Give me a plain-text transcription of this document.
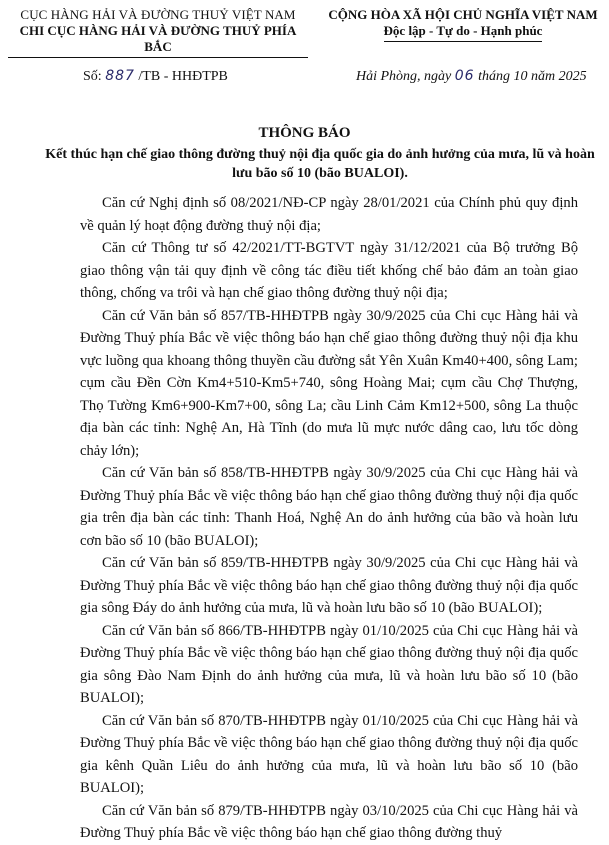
CỤC HÀNG HẢI VÀ ĐƯỜNG THUỶ VIỆT NAM
CHI CỤC HÀNG HẢI VÀ ĐƯỜNG THUỶ PHÍA BẮC
CỘNG HÒA XÃ HỘI CHỦ NGHĨA VIỆT NAM
Độc lập - Tự do - Hạnh phúc
Số: 887 /TB - HHĐTPB	Hải Phòng, ngày 06 tháng 10 năm 2025
THÔNG BÁO
Kết thúc hạn chế giao thông đường thuỷ nội địa quốc gia do ảnh hưởng của mưa, lũ và hoàn lưu bão số 10 (bão BUALOI).

Căn cứ Nghị định số 08/2021/NĐ-CP ngày 28/01/2021 của Chính phủ quy định về quản lý hoạt động đường thuỷ nội địa;

Căn cứ Thông tư số 42/2021/TT-BGTVT ngày 31/12/2021 của Bộ trưởng Bộ giao thông vận tải quy định về công tác điều tiết khống chế bảo đảm an toàn giao thông, chống va trôi và hạn chế giao thông đường thuỷ nội địa;

Căn cứ Văn bản số 857/TB-HHĐTPB ngày 30/9/2025 của Chi cục Hàng hải và Đường Thuỷ phía Bắc về việc thông báo hạn chế giao thông đường thuỷ nội địa khu vực luồng qua khoang thông thuyền cầu đường sắt Yên Xuân Km40+400, sông Lam; cụm cầu Đền Cờn Km4+510-Km5+740, sông Hoàng Mai; cụm cầu Chợ Thượng, Thọ Tường Km6+900-Km7+00, sông La; cầu Linh Cảm Km12+500, sông La thuộc địa bàn các tỉnh: Nghệ An, Hà Tĩnh (do mưa lũ mực nước dâng cao, lưu tốc dòng chảy lớn);

Căn cứ Văn bản số 858/TB-HHĐTPB ngày 30/9/2025 của Chi cục Hàng hải và Đường Thuỷ phía Bắc về việc thông báo hạn chế giao thông đường thuỷ nội địa quốc gia trên địa bàn các tỉnh: Thanh Hoá, Nghệ An do ảnh hưởng của bão và hoàn lưu cơn bão số 10 (bão BUALOI);

Căn cứ Văn bản số 859/TB-HHĐTPB ngày 30/9/2025 của Chi cục Hàng hải và Đường Thuỷ phía Bắc về việc thông báo hạn chế giao thông đường thuỷ nội địa quốc gia sông Đáy do ảnh hưởng của mưa, lũ và hoàn lưu bão số 10 (bão BUALOI);

Căn cứ Văn bản số 866/TB-HHĐTPB ngày 01/10/2025 của Chi cục Hàng hải và Đường Thuỷ phía Bắc về việc thông báo hạn chế giao thông đường thuỷ nội địa quốc gia sông Đào Nam Định do ảnh hưởng của mưa, lũ và hoàn lưu bão số 10 (bão BUALOI);

Căn cứ Văn bản số 870/TB-HHĐTPB ngày 01/10/2025 của Chi cục Hàng hải và Đường Thuỷ phía Bắc về việc thông báo hạn chế giao thông đường thuỷ nội địa quốc gia kênh Quần Liêu do ảnh hưởng của mưa, lũ và hoàn lưu bão số 10 (bão BUALOI);

Căn cứ Văn bản số 879/TB-HHĐTPB ngày 03/10/2025 của Chi cục Hàng hải và Đường Thuỷ phía Bắc về việc thông báo hạn chế giao thông đường thuỷ
